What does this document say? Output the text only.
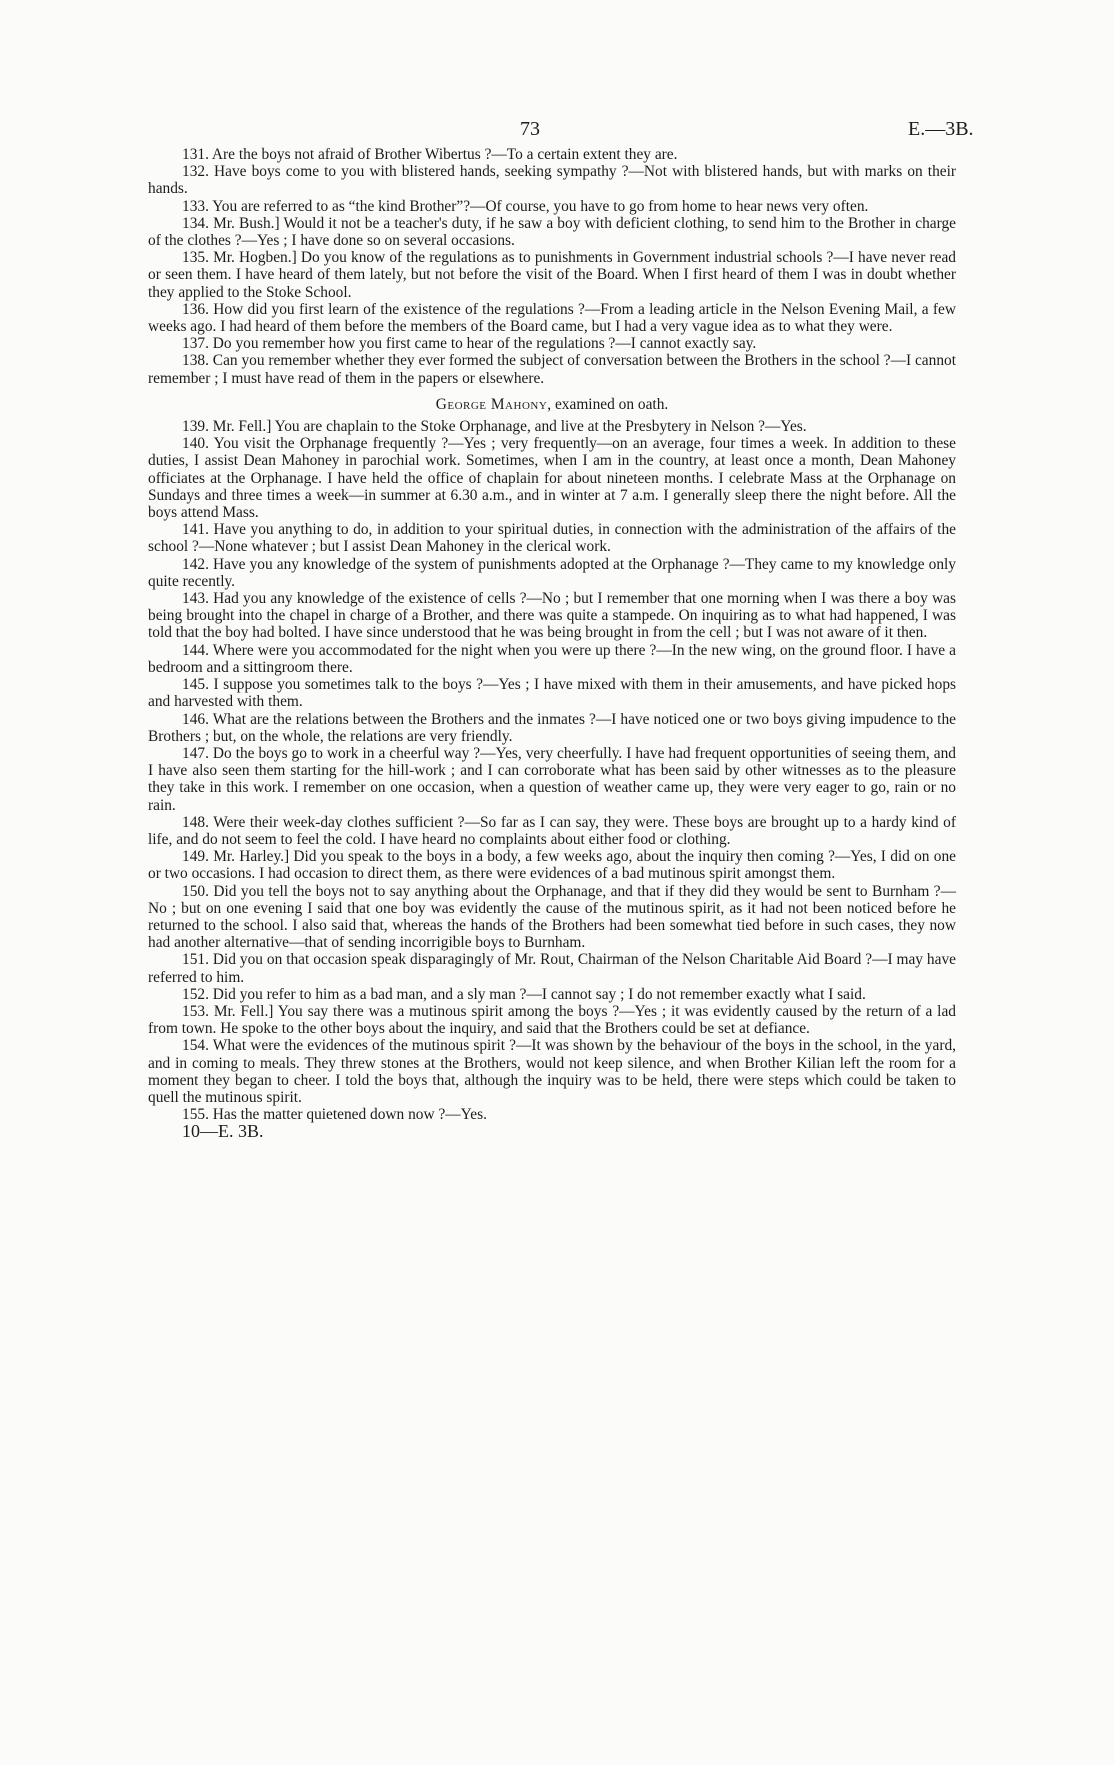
73	E.—3B.

131. Are the boys not afraid of Brother Wibertus ?—To a certain extent they are.

132. Have boys come to you with blistered hands, seeking sympathy ?—Not with blistered hands, but with marks on their hands.

133. You are referred to as “the kind Brother”?—Of course, you have to go from home to hear news very often.

134. Mr. Bush.] Would it not be a teacher's duty, if he saw a boy with deficient clothing, to send him to the Brother in charge of the clothes ?—Yes ; I have done so on several occasions.

135. Mr. Hogben.] Do you know of the regulations as to punishments in Government industrial schools ?—I have never read or seen them. I have heard of them lately, but not before the visit of the Board. When I first heard of them I was in doubt whether they applied to the Stoke School.

136. How did you first learn of the existence of the regulations ?—From a leading article in the Nelson Evening Mail, a few weeks ago. I had heard of them before the members of the Board came, but I had a very vague idea as to what they were.

137. Do you remember how you first came to hear of the regulations ?—I cannot exactly say.

138. Can you remember whether they ever formed the subject of conversation between the Brothers in the school ?—I cannot remember ; I must have read of them in the papers or elsewhere.

George Mahony, examined on oath.

139. Mr. Fell.] You are chaplain to the Stoke Orphanage, and live at the Presbytery in Nelson ?—Yes.

140. You visit the Orphanage frequently ?—Yes ; very frequently—on an average, four times a week. In addition to these duties, I assist Dean Mahoney in parochial work. Sometimes, when I am in the country, at least once a month, Dean Mahoney officiates at the Orphanage. I have held the office of chaplain for about nineteen months. I celebrate Mass at the Orphanage on Sundays and three times a week—in summer at 6.30 a.m., and in winter at 7 a.m. I generally sleep there the night before. All the boys attend Mass.

141. Have you anything to do, in addition to your spiritual duties, in connection with the administration of the affairs of the school ?—None whatever ; but I assist Dean Mahoney in the clerical work.

142. Have you any knowledge of the system of punishments adopted at the Orphanage ?—They came to my knowledge only quite recently.

143. Had you any knowledge of the existence of cells ?—No ; but I remember that one morning when I was there a boy was being brought into the chapel in charge of a Brother, and there was quite a stampede. On inquiring as to what had happened, I was told that the boy had bolted. I have since understood that he was being brought in from the cell ; but I was not aware of it then.

144. Where were you accommodated for the night when you were up there ?—In the new wing, on the ground floor. I have a bedroom and a sittingroom there.

145. I suppose you sometimes talk to the boys ?—Yes ; I have mixed with them in their amusements, and have picked hops and harvested with them.

146. What are the relations between the Brothers and the inmates ?—I have noticed one or two boys giving impudence to the Brothers ; but, on the whole, the relations are very friendly.

147. Do the boys go to work in a cheerful way ?—Yes, very cheerfully. I have had frequent opportunities of seeing them, and I have also seen them starting for the hill-work ; and I can corroborate what has been said by other witnesses as to the pleasure they take in this work. I remember on one occasion, when a question of weather came up, they were very eager to go, rain or no rain.

148. Were their week-day clothes sufficient ?—So far as I can say, they were. These boys are brought up to a hardy kind of life, and do not seem to feel the cold. I have heard no complaints about either food or clothing.

149. Mr. Harley.] Did you speak to the boys in a body, a few weeks ago, about the inquiry then coming ?—Yes, I did on one or two occasions. I had occasion to direct them, as there were evidences of a bad mutinous spirit amongst them.

150. Did you tell the boys not to say anything about the Orphanage, and that if they did they would be sent to Burnham ?—No ; but on one evening I said that one boy was evidently the cause of the mutinous spirit, as it had not been noticed before he returned to the school. I also said that, whereas the hands of the Brothers had been somewhat tied before in such cases, they now had another alternative—that of sending incorrigible boys to Burnham.

151. Did you on that occasion speak disparagingly of Mr. Rout, Chairman of the Nelson Charitable Aid Board ?—I may have referred to him.

152. Did you refer to him as a bad man, and a sly man ?—I cannot say ; I do not remember exactly what I said.

153. Mr. Fell.] You say there was a mutinous spirit among the boys ?—Yes ; it was evidently caused by the return of a lad from town. He spoke to the other boys about the inquiry, and said that the Brothers could be set at defiance.

154. What were the evidences of the mutinous spirit ?—It was shown by the behaviour of the boys in the school, in the yard, and in coming to meals. They threw stones at the Brothers, would not keep silence, and when Brother Kilian left the room for a moment they began to cheer. I told the boys that, although the inquiry was to be held, there were steps which could be taken to quell the mutinous spirit.

155. Has the matter quietened down now ?—Yes.

10—E. 3B.
